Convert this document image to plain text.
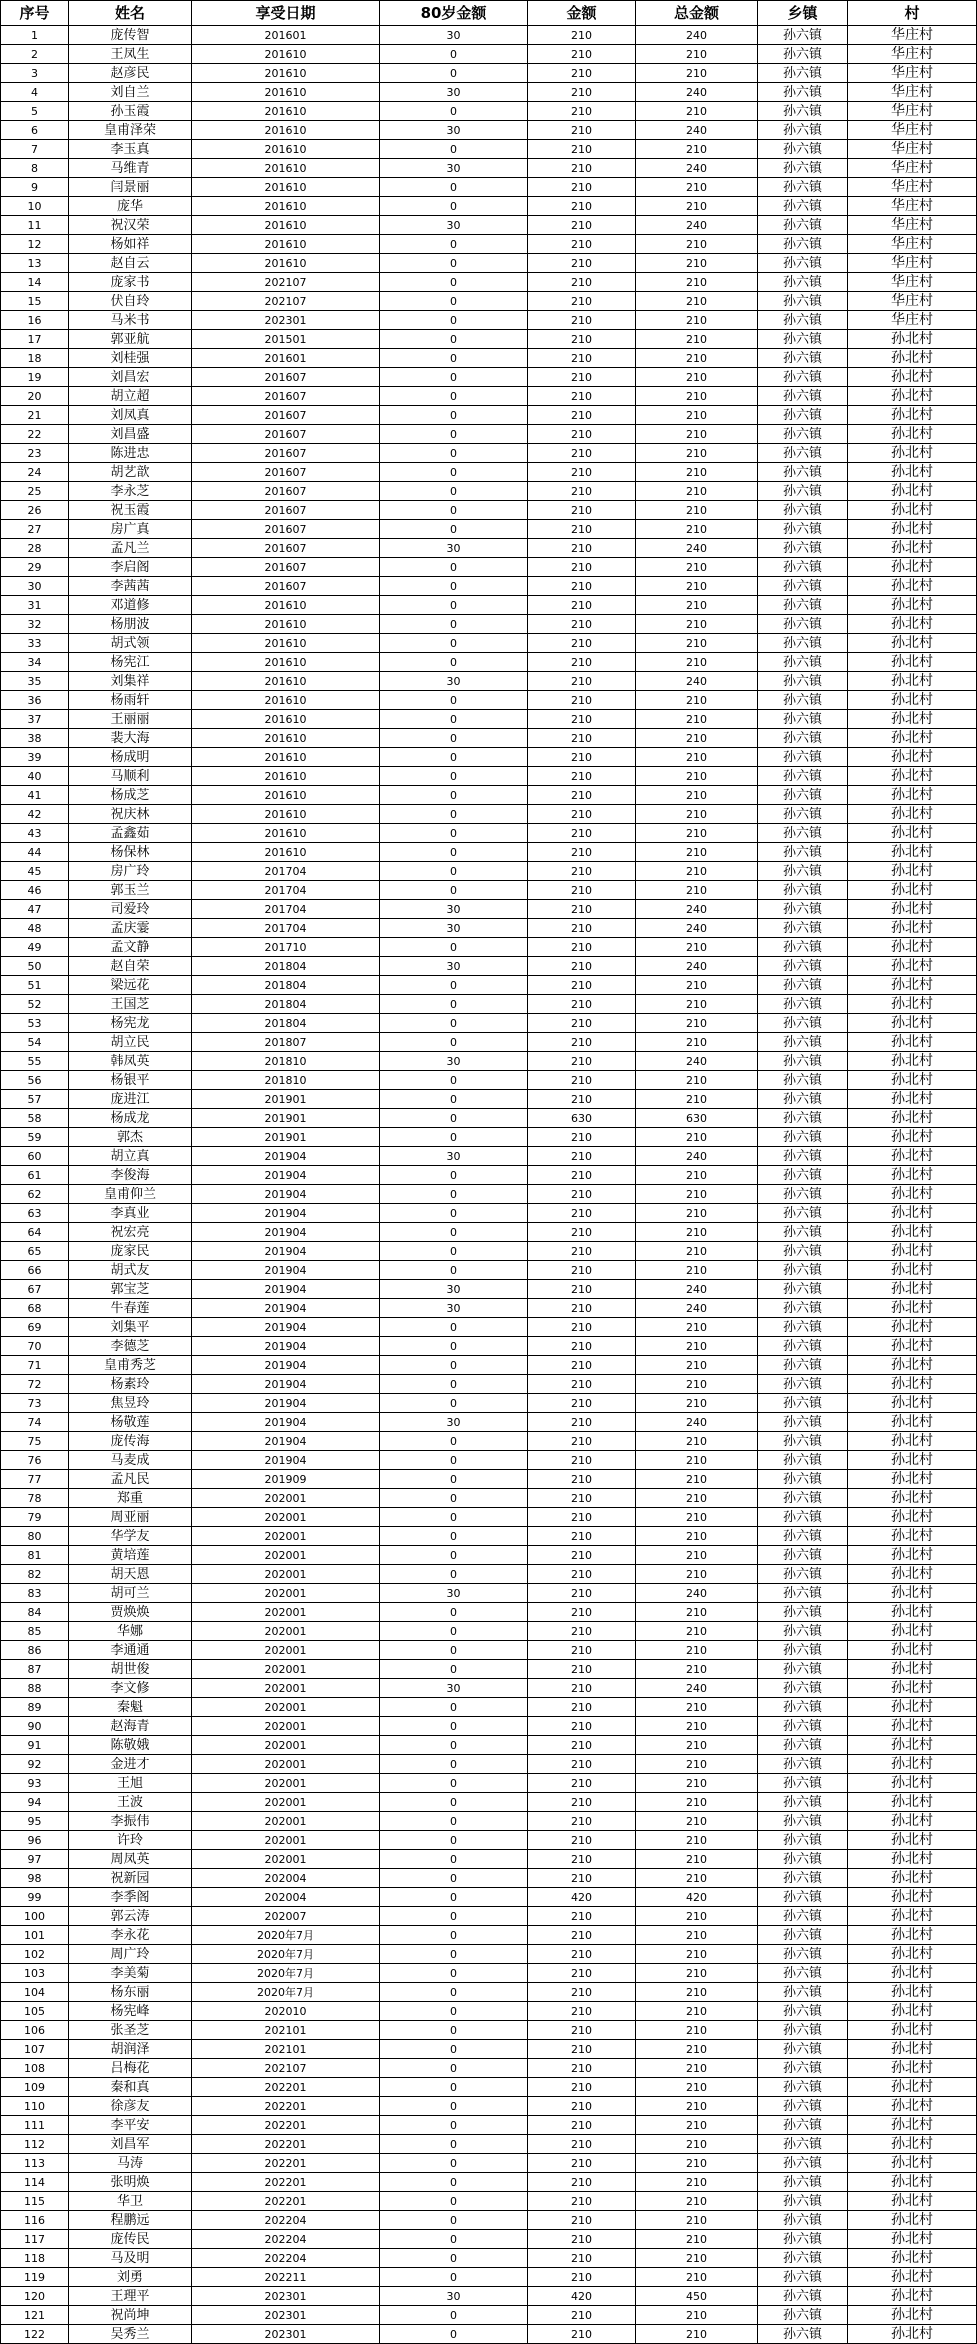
序号	姓名	享受日期	80岁金额	金额	总金额	乡镇	村
1	庞传智	201601	30	210	240	孙六镇	华庄村
2	王凤生	201610	0	210	210	孙六镇	华庄村
3	赵彦民	201610	0	210	210	孙六镇	华庄村
4	刘自兰	201610	30	210	240	孙六镇	华庄村
5	孙玉霞	201610	0	210	210	孙六镇	华庄村
6	皇甫泽荣	201610	30	210	240	孙六镇	华庄村
7	李玉真	201610	0	210	210	孙六镇	华庄村
8	马维青	201610	30	210	240	孙六镇	华庄村
9	闫景丽	201610	0	210	210	孙六镇	华庄村
10	庞华	201610	0	210	210	孙六镇	华庄村
11	祝汉荣	201610	30	210	240	孙六镇	华庄村
12	杨如祥	201610	0	210	210	孙六镇	华庄村
13	赵自云	201610	0	210	210	孙六镇	华庄村
14	庞家书	202107	0	210	210	孙六镇	华庄村
15	伏自玲	202107	0	210	210	孙六镇	华庄村
16	马米书	202301	0	210	210	孙六镇	华庄村
17	郭亚航	201501	0	210	210	孙六镇	孙北村
18	刘桂强	201601	0	210	210	孙六镇	孙北村
19	刘昌宏	201607	0	210	210	孙六镇	孙北村
20	胡立超	201607	0	210	210	孙六镇	孙北村
21	刘凤真	201607	0	210	210	孙六镇	孙北村
22	刘昌盛	201607	0	210	210	孙六镇	孙北村
23	陈进忠	201607	0	210	210	孙六镇	孙北村
24	胡艺歆	201607	0	210	210	孙六镇	孙北村
25	李永芝	201607	0	210	210	孙六镇	孙北村
26	祝玉霞	201607	0	210	210	孙六镇	孙北村
27	房广真	201607	0	210	210	孙六镇	孙北村
28	孟凡兰	201607	30	210	240	孙六镇	孙北村
29	李启阁	201607	0	210	210	孙六镇	孙北村
30	李茜茜	201607	0	210	210	孙六镇	孙北村
31	邓道修	201610	0	210	210	孙六镇	孙北村
32	杨朋波	201610	0	210	210	孙六镇	孙北村
33	胡式领	201610	0	210	210	孙六镇	孙北村
34	杨宪江	201610	0	210	210	孙六镇	孙北村
35	刘集祥	201610	30	210	240	孙六镇	孙北村
36	杨雨轩	201610	0	210	210	孙六镇	孙北村
37	王丽丽	201610	0	210	210	孙六镇	孙北村
38	裴大海	201610	0	210	210	孙六镇	孙北村
39	杨成明	201610	0	210	210	孙六镇	孙北村
40	马顺利	201610	0	210	210	孙六镇	孙北村
41	杨成芝	201610	0	210	210	孙六镇	孙北村
42	祝庆林	201610	0	210	210	孙六镇	孙北村
43	孟鑫茹	201610	0	210	210	孙六镇	孙北村
44	杨保林	201610	0	210	210	孙六镇	孙北村
45	房广玲	201704	0	210	210	孙六镇	孙北村
46	郭玉兰	201704	0	210	210	孙六镇	孙北村
47	司爱玲	201704	30	210	240	孙六镇	孙北村
48	孟庆霎	201704	30	210	240	孙六镇	孙北村
49	孟文静	201710	0	210	210	孙六镇	孙北村
50	赵自荣	201804	30	210	240	孙六镇	孙北村
51	梁远花	201804	0	210	210	孙六镇	孙北村
52	王国芝	201804	0	210	210	孙六镇	孙北村
53	杨宪龙	201804	0	210	210	孙六镇	孙北村
54	胡立民	201807	0	210	210	孙六镇	孙北村
55	韩凤英	201810	30	210	240	孙六镇	孙北村
56	杨银平	201810	0	210	210	孙六镇	孙北村
57	庞进江	201901	0	210	210	孙六镇	孙北村
58	杨成龙	201901	0	630	630	孙六镇	孙北村
59	郭杰	201901	0	210	210	孙六镇	孙北村
60	胡立真	201904	30	210	240	孙六镇	孙北村
61	李俊海	201904	0	210	210	孙六镇	孙北村
62	皇甫仰兰	201904	0	210	210	孙六镇	孙北村
63	李真业	201904	0	210	210	孙六镇	孙北村
64	祝宏亮	201904	0	210	210	孙六镇	孙北村
65	庞家民	201904	0	210	210	孙六镇	孙北村
66	胡式友	201904	0	210	210	孙六镇	孙北村
67	郭宝芝	201904	30	210	240	孙六镇	孙北村
68	牛春莲	201904	30	210	240	孙六镇	孙北村
69	刘集平	201904	0	210	210	孙六镇	孙北村
70	李德芝	201904	0	210	210	孙六镇	孙北村
71	皇甫秀芝	201904	0	210	210	孙六镇	孙北村
72	杨素玲	201904	0	210	210	孙六镇	孙北村
73	焦昱玲	201904	0	210	210	孙六镇	孙北村
74	杨敬莲	201904	30	210	240	孙六镇	孙北村
75	庞传海	201904	0	210	210	孙六镇	孙北村
76	马麦成	201904	0	210	210	孙六镇	孙北村
77	孟凡民	201909	0	210	210	孙六镇	孙北村
78	郑重	202001	0	210	210	孙六镇	孙北村
79	周亚丽	202001	0	210	210	孙六镇	孙北村
80	华学友	202001	0	210	210	孙六镇	孙北村
81	黄培莲	202001	0	210	210	孙六镇	孙北村
82	胡天恩	202001	0	210	210	孙六镇	孙北村
83	胡可兰	202001	30	210	240	孙六镇	孙北村
84	贾焕焕	202001	0	210	210	孙六镇	孙北村
85	华娜	202001	0	210	210	孙六镇	孙北村
86	李通通	202001	0	210	210	孙六镇	孙北村
87	胡世俊	202001	0	210	210	孙六镇	孙北村
88	李文修	202001	30	210	240	孙六镇	孙北村
89	秦魁	202001	0	210	210	孙六镇	孙北村
90	赵海青	202001	0	210	210	孙六镇	孙北村
91	陈敬娥	202001	0	210	210	孙六镇	孙北村
92	金进才	202001	0	210	210	孙六镇	孙北村
93	王旭	202001	0	210	210	孙六镇	孙北村
94	王波	202001	0	210	210	孙六镇	孙北村
95	李振伟	202001	0	210	210	孙六镇	孙北村
96	许玲	202001	0	210	210	孙六镇	孙北村
97	周凤英	202001	0	210	210	孙六镇	孙北村
98	祝新园	202004	0	210	210	孙六镇	孙北村
99	李季阁	202004	0	420	420	孙六镇	孙北村
100	郭云涛	202007	0	210	210	孙六镇	孙北村
101	李永花	2020年7月	0	210	210	孙六镇	孙北村
102	周广玲	2020年7月	0	210	210	孙六镇	孙北村
103	李美菊	2020年7月	0	210	210	孙六镇	孙北村
104	杨东丽	2020年7月	0	210	210	孙六镇	孙北村
105	杨宪峰	202010	0	210	210	孙六镇	孙北村
106	张圣芝	202101	0	210	210	孙六镇	孙北村
107	胡润泽	202101	0	210	210	孙六镇	孙北村
108	吕梅花	202107	0	210	210	孙六镇	孙北村
109	秦和真	202201	0	210	210	孙六镇	孙北村
110	徐彦友	202201	0	210	210	孙六镇	孙北村
111	李平安	202201	0	210	210	孙六镇	孙北村
112	刘昌军	202201	0	210	210	孙六镇	孙北村
113	马涛	202201	0	210	210	孙六镇	孙北村
114	张明焕	202201	0	210	210	孙六镇	孙北村
115	华卫	202201	0	210	210	孙六镇	孙北村
116	程鹏远	202204	0	210	210	孙六镇	孙北村
117	庞传民	202204	0	210	210	孙六镇	孙北村
118	马及明	202204	0	210	210	孙六镇	孙北村
119	刘勇	202211	0	210	210	孙六镇	孙北村
120	王理平	202301	30	420	450	孙六镇	孙北村
121	祝尚坤	202301	0	210	210	孙六镇	孙北村
122	吴秀兰	202301	0	210	210	孙六镇	孙北村
